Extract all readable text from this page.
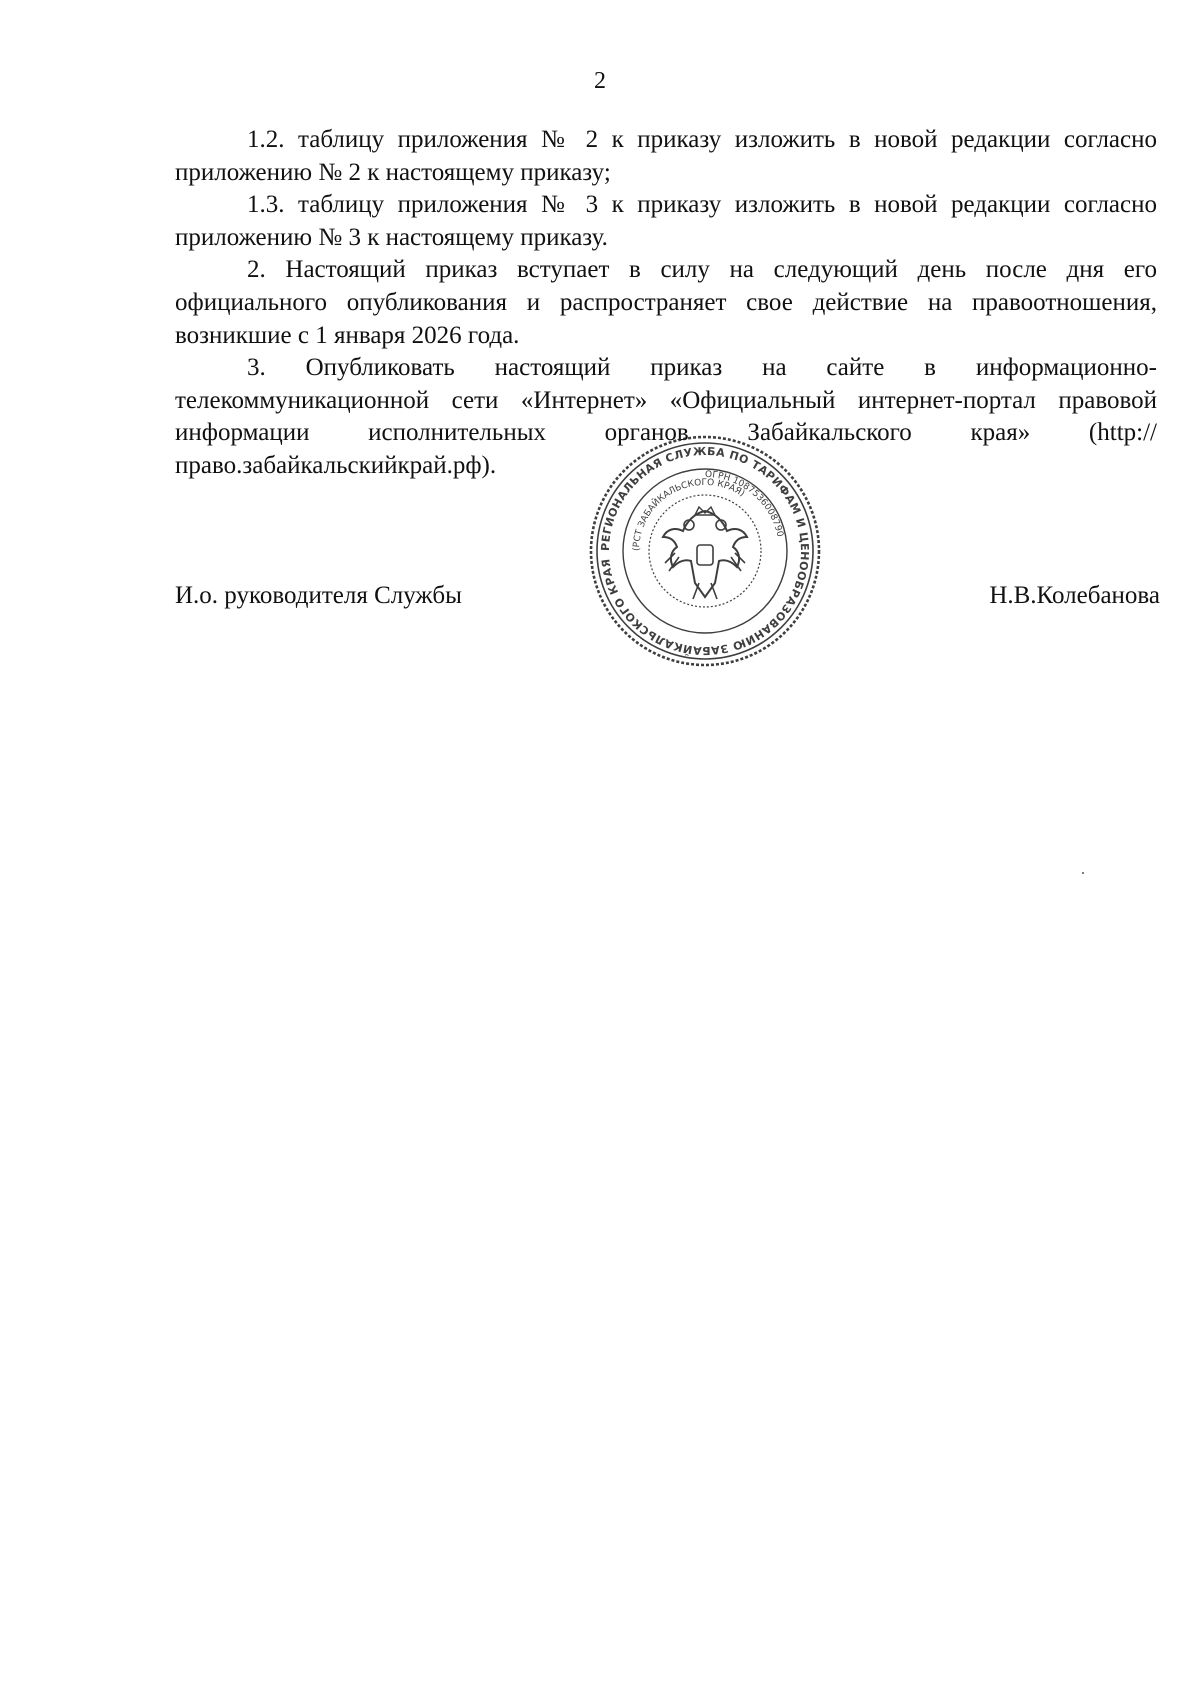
2

1.2. таблицу приложения № 2 к приказу изложить в новой редакции согласно приложению № 2 к настоящему приказу;

1.3. таблицу приложения № 3 к приказу изложить в новой редакции согласно приложению № 3 к настоящему приказу.

2. Настоящий приказ вступает в силу на следующий день после дня его официального опубликования и распространяет свое действие на правоотношения, возникшие с 1 января 2026 года.

3. Опубликовать настоящий приказ на сайте в информационно-телекоммуникационной сети «Интернет» «Официальный интернет-портал правовой информации исполнительных органов Забайкальского края» (http://право.забайкальскийкрай.рф).

И.о. руководителя Службы	Н.В.Колебанова
РЕГИОНАЛЬНАЯ СЛУЖБА ПО ТАРИФАМ И ЦЕНООБРАЗОВАНИЮ ЗАБАЙКАЛЬСКОГО КРАЯ
(РСТ ЗАБАЙКАЛЬСКОГО КРАЯ)
ОГРН 1087536008790
